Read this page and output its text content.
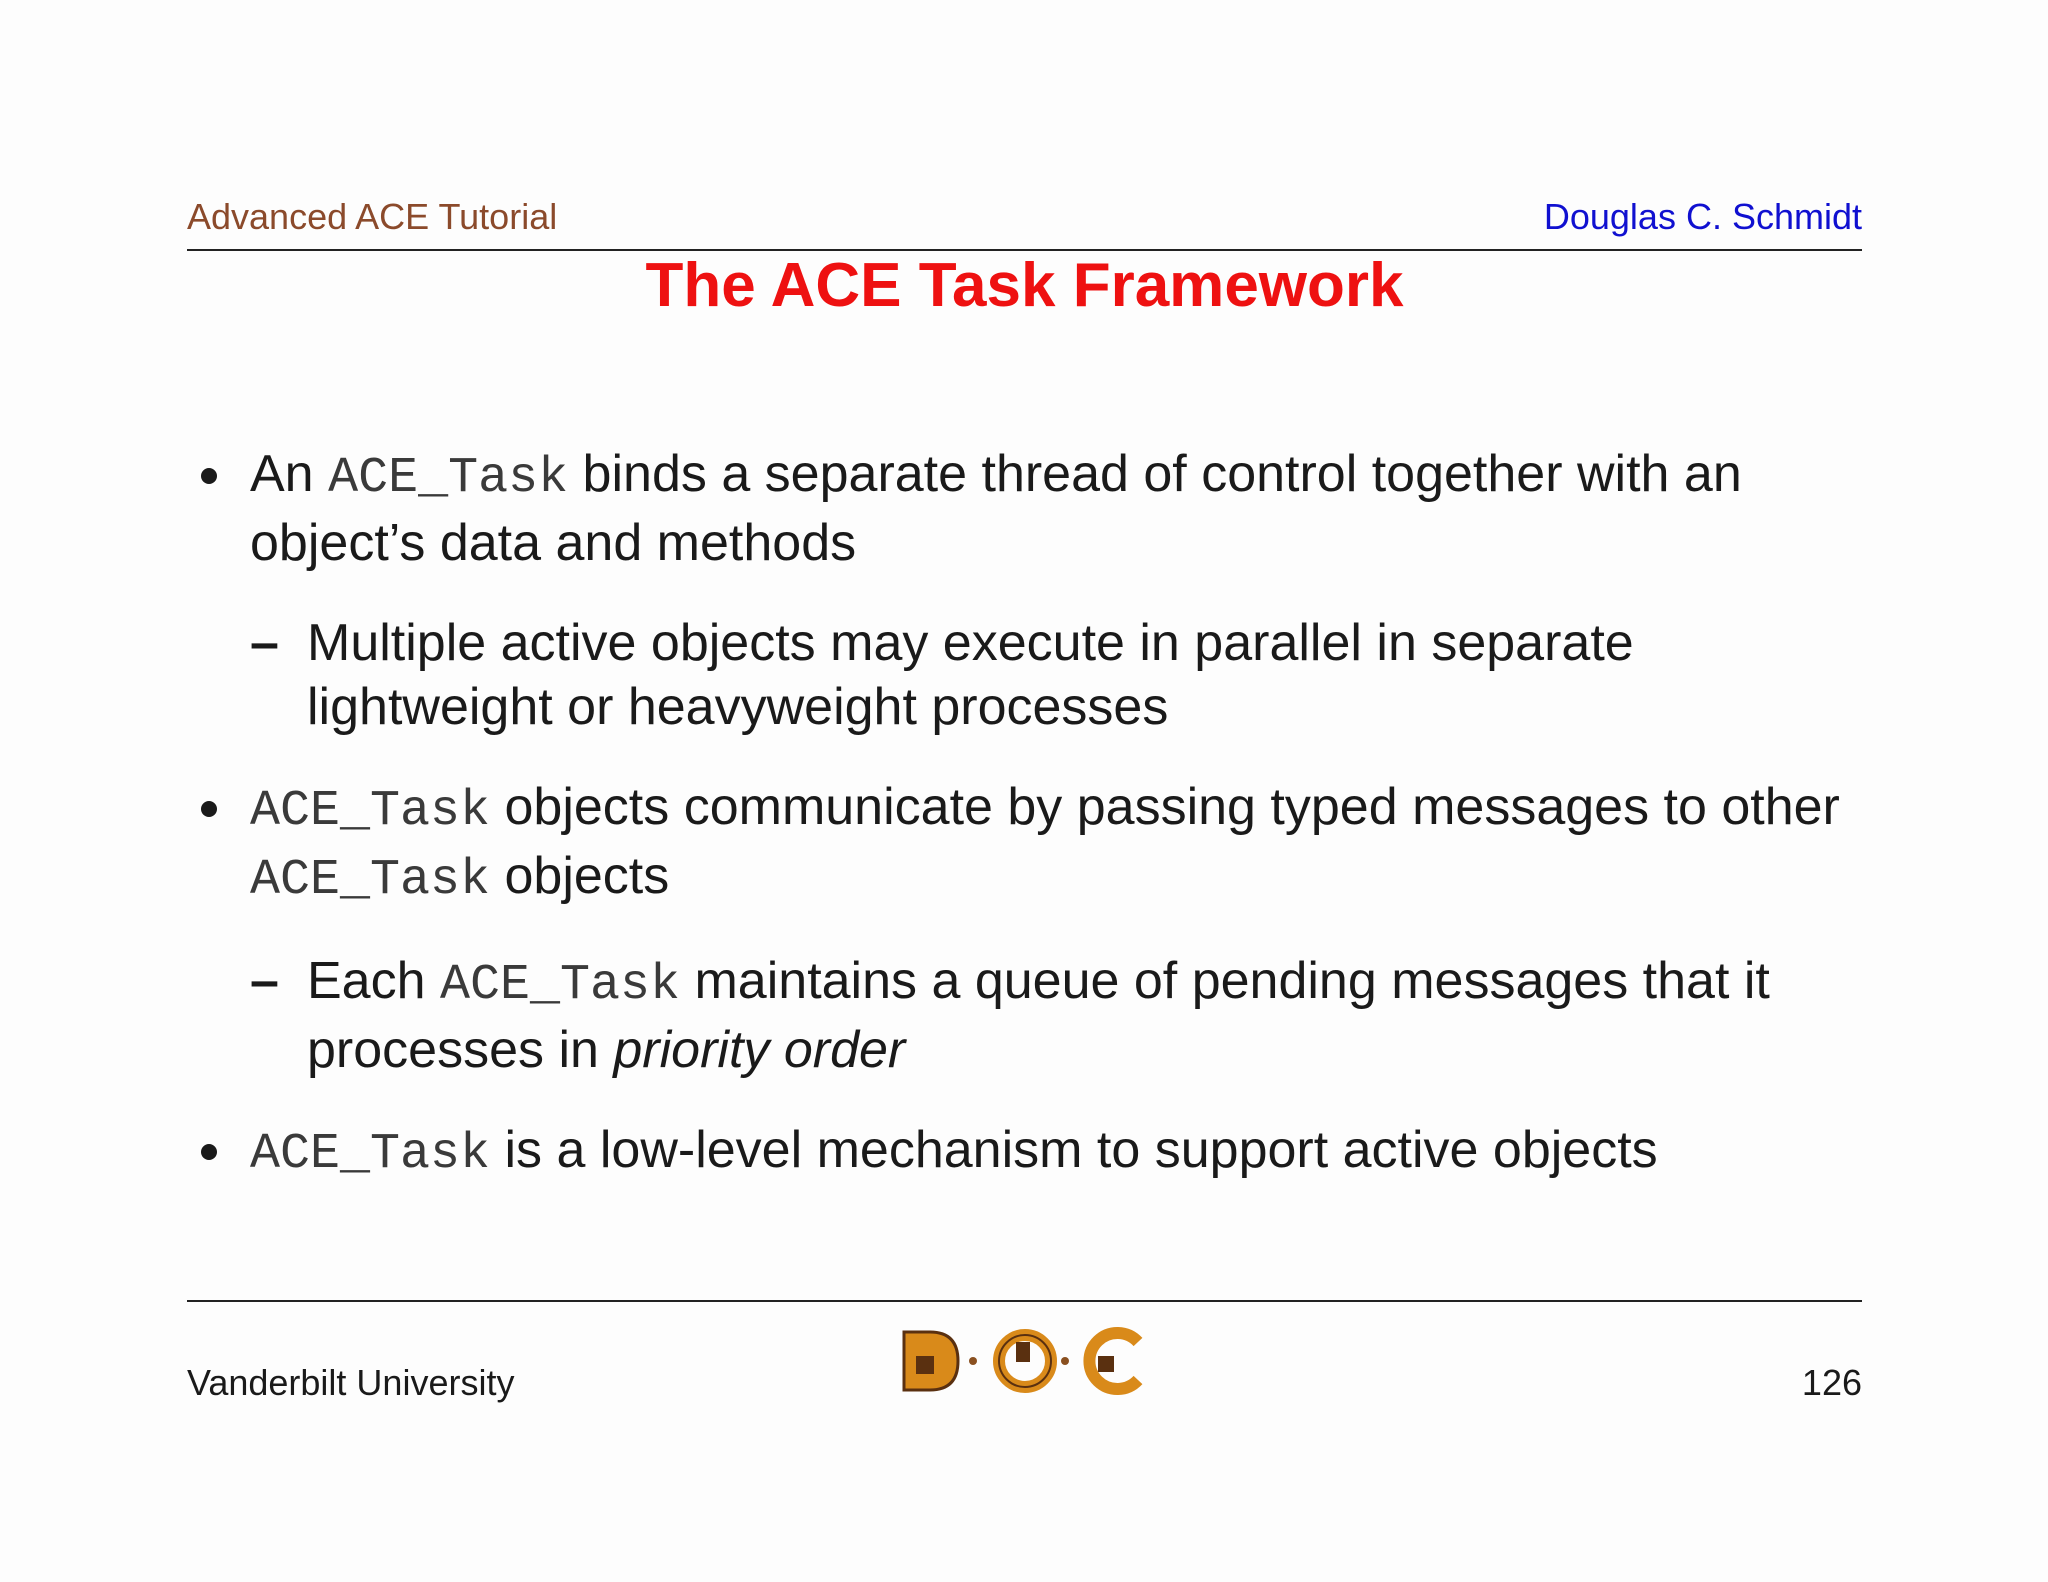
Advanced ACE Tutorial	Douglas C. Schmidt
The ACE Task Framework
An ACE_Task binds a separate thread of control together with an object’s data and methods
– Multiple active objects may execute in parallel in separate lightweight or heavyweight processes
ACE_Task objects communicate by passing typed messages to other ACE_Task objects
– Each ACE_Task maintains a queue of pending messages that it processes in priority order
ACE_Task is a low-level mechanism to support active objects
Vanderbilt University	126
